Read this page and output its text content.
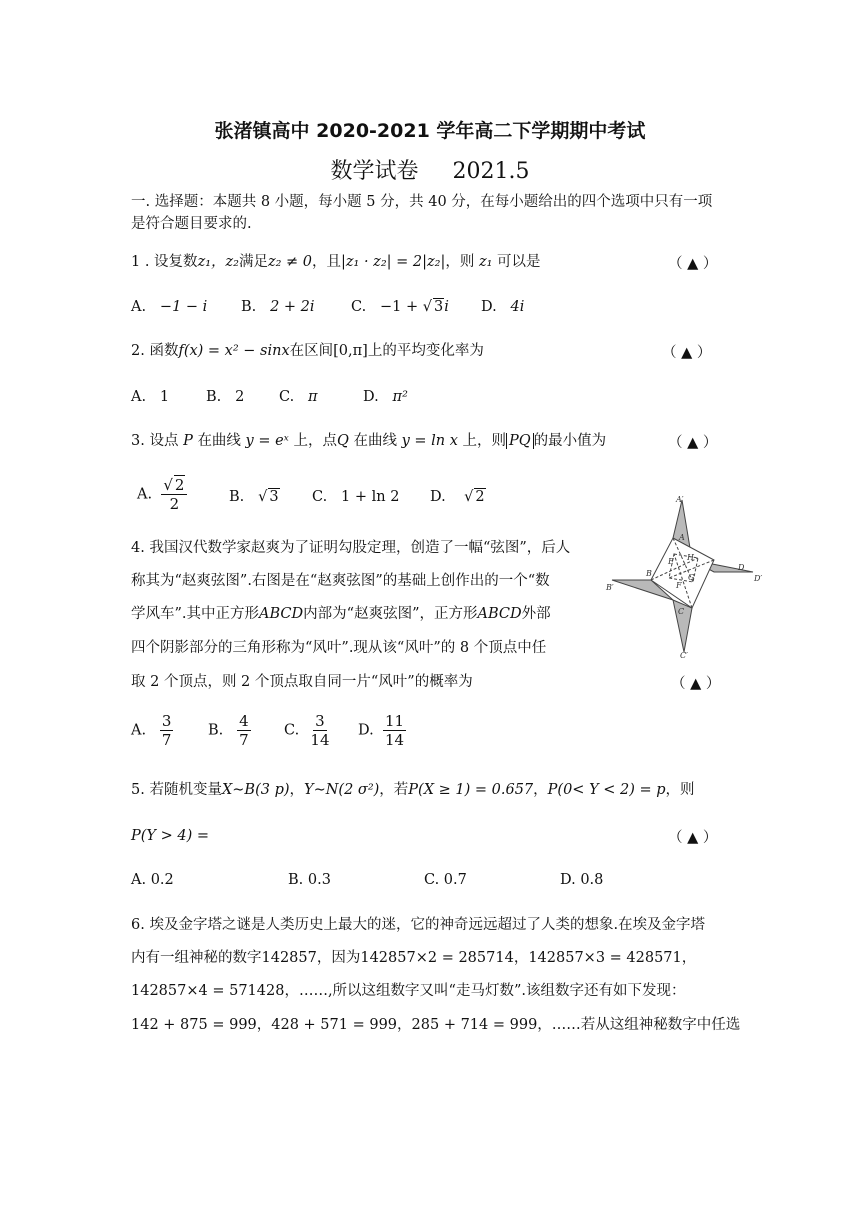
张渚镇高中 2020-2021 学年高二下学期期中考试
数学试卷 2021.5
一. 选择题：本题共 8 小题，每小题 5 分，共 40 分，在每小题给出的四个选项中只有一项
是符合题目要求的.
1 . 设复数z₁，z₂满足z₂ ≠ 0，且|z₁ · z₂| = 2|z₂|，则 z₁ 可以是	（ ▲ ）
A. −1 − i B. 2 + 2i	C. −1 + √ 3i D. 4i
2. 函数f(x) = x² − sinx在区间[0,π]上的平均变化率为	（ ▲ ）
A. 1	B. 2 C. π	D. π²
3. 设点 P 在曲线 y = eˣ 上，点Q 在曲线 y = ln x 上，则 PQ 的最小值为	（ ▲ ）
A. $\frac{√ 2}{2}$	B. √ 3 C. 1 + ln 2 D. √ 2
4. 我国汉代数学家赵爽为了证明勾股定理，创造了一幅“弦图”，后人
称其为“赵爽弦图”.右图是在“赵爽弦图”的基础上创作出的一个“数
学风车”.其中正方形ABCD内部为“赵爽弦图”，正方形ABCD外部
四个阴影部分的三角形称为“风叶”.现从该“风叶”的 8 个顶点中任
取 2 个顶点，则 2 个顶点取自同一片“风叶”的概率为	（ ▲ ）
A′
A
B
B′
C
C′
D
D′
E
F
G
H
A. $\frac{3}{7} B$. $\frac{4}{7} C$. $\frac{3}{14} D$. $\frac{11}{14}$
5. 若随机变量X∼B(3 p)，Y∼N(2 σ²)，若P(X ≥ 1) = 0.657，P(0< Y < 2) = p，则
P(Y > 4) =	（ ▲ ）
A. 0.2	B. 0.3	C. 0.7	D. 0.8
6. 埃及金字塔之谜是人类历史上最大的迷，它的神奇远远超过了人类的想象.在埃及金字塔
内有一组神秘的数字142857，因为142857×2 = 285714，142857×3 = 428571，
142857×4 = 571428，……,所以这组数字又叫“走马灯数”.该组数字还有如下发现：
142 + 875 = 999，428 + 571 = 999，285 + 714 = 999，……若从这组神秘数字中任选
